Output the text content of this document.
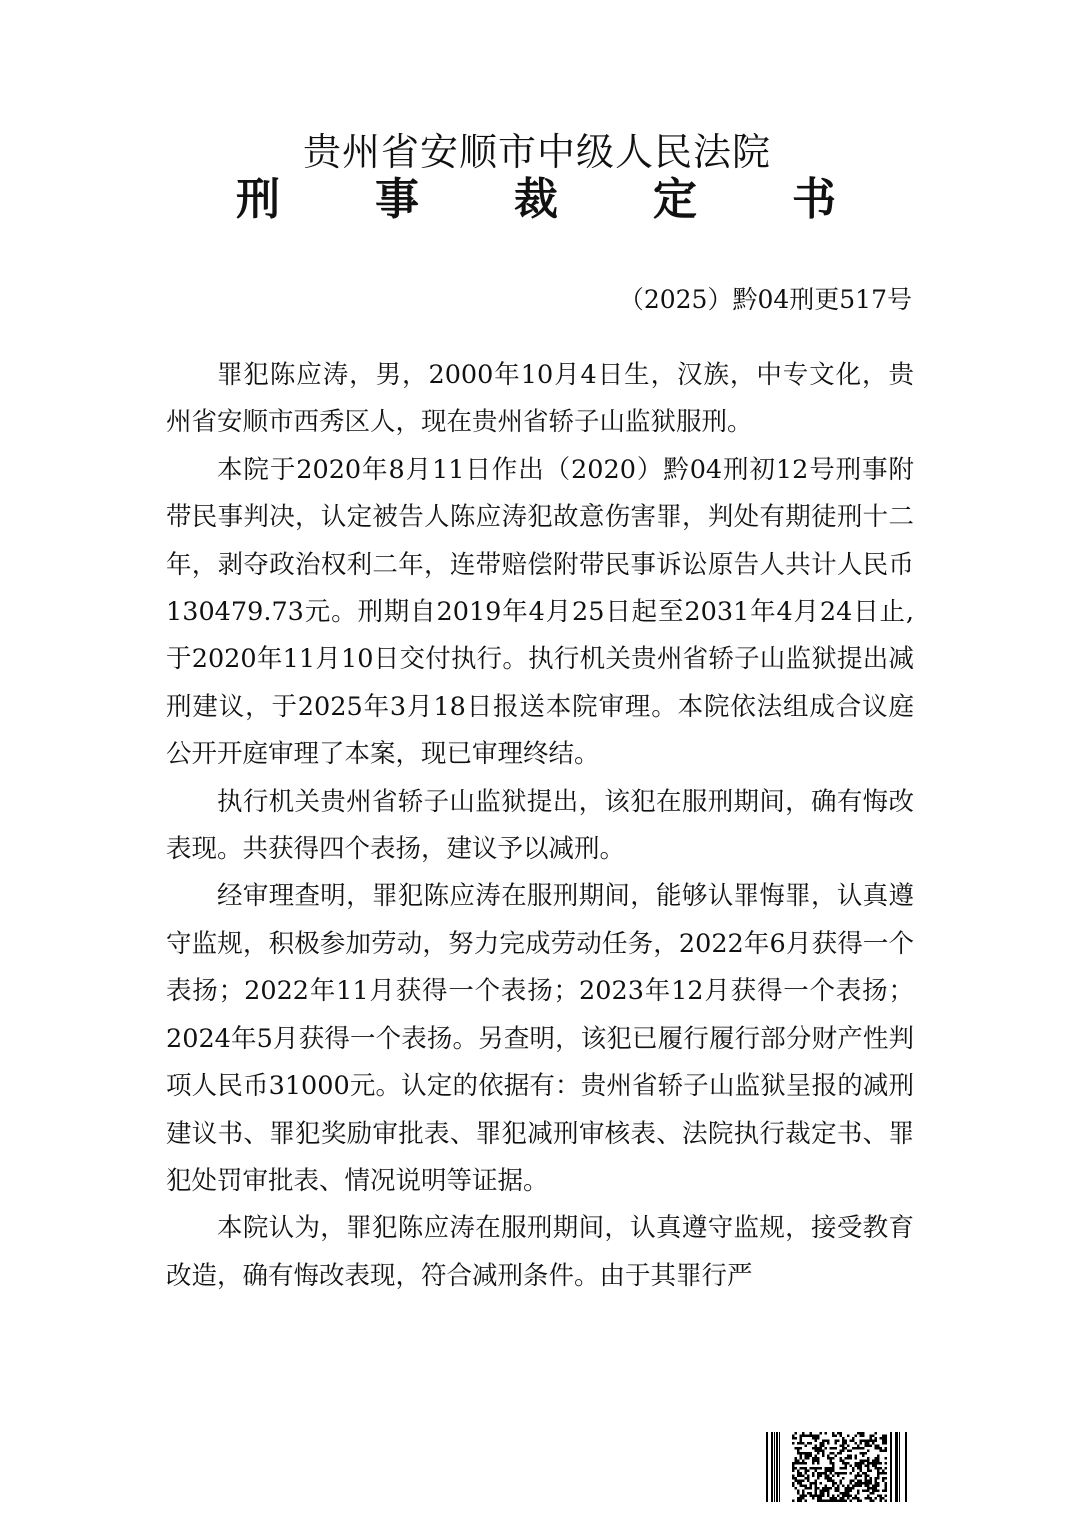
贵州省安顺市中级人民法院
刑 事 裁 定 书
（2025）黔04刑更517号

罪犯陈应涛，男，2000年10月4日生，汉族，中专文化，贵州省安顺市西秀区人，现在贵州省轿子山监狱服刑。

本院于2020年8月11日作出（2020）黔04刑初12号刑事附带民事判决，认定被告人陈应涛犯故意伤害罪，判处有期徒刑十二年，剥夺政治权利二年，连带赔偿附带民事诉讼原告人共计人民币130479.73元。刑期自2019年4月25日起至2031年4月24日止,于2020年11月10日交付执行。执行机关贵州省轿子山监狱提出减刑建议，于2025年3月18日报送本院审理。本院依法组成合议庭公开开庭审理了本案，现已审理终结。

执行机关贵州省轿子山监狱提出，该犯在服刑期间，确有悔改表现。共获得四个表扬，建议予以减刑。

经审理查明，罪犯陈应涛在服刑期间，能够认罪悔罪，认真遵守监规，积极参加劳动，努力完成劳动任务，2022年6月获得一个表扬；2022年11月获得一个表扬；2023年12月获得一个表扬；2024年5月获得一个表扬。另查明，该犯已履行履行部分财产性判项人民币31000元。认定的依据有：贵州省轿子山监狱呈报的减刑建议书、罪犯奖励审批表、罪犯减刑审核表、法院执行裁定书、罪犯处罚审批表、情况说明等证据。

本院认为，罪犯陈应涛在服刑期间，认真遵守监规，接受教育改造，确有悔改表现，符合减刑条件。由于其罪行严
